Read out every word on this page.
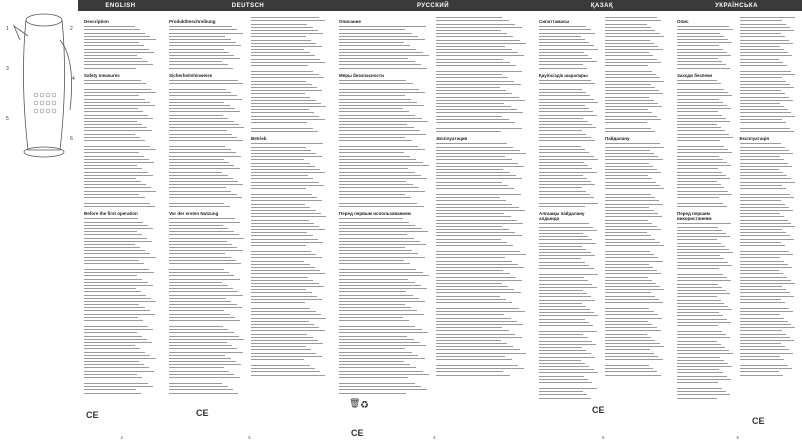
1	2
3
4
5
6
ENGLISH
Description
Safety measures
Before the first operation
2
DEUTSCH
Produktbeschreibung
Sicherheitshinweise
Vor der ersten Nutzung
Betrieb
3
РУССКИЙ
Описание
Меры безопасности
Перед первым использованием
Эксплуатация
4
ҚАЗАҚ
Сипаттамасы
Қауіпсіздік шаралары
Алғашқы пайдалану алдында
Пайдалану
5
УКРАЇНСЬКА
Опис
Заходи безпеки
Перед першим використанням
Експлуатація
6
♻
🗑
CE
CE
CE	CE
CE
